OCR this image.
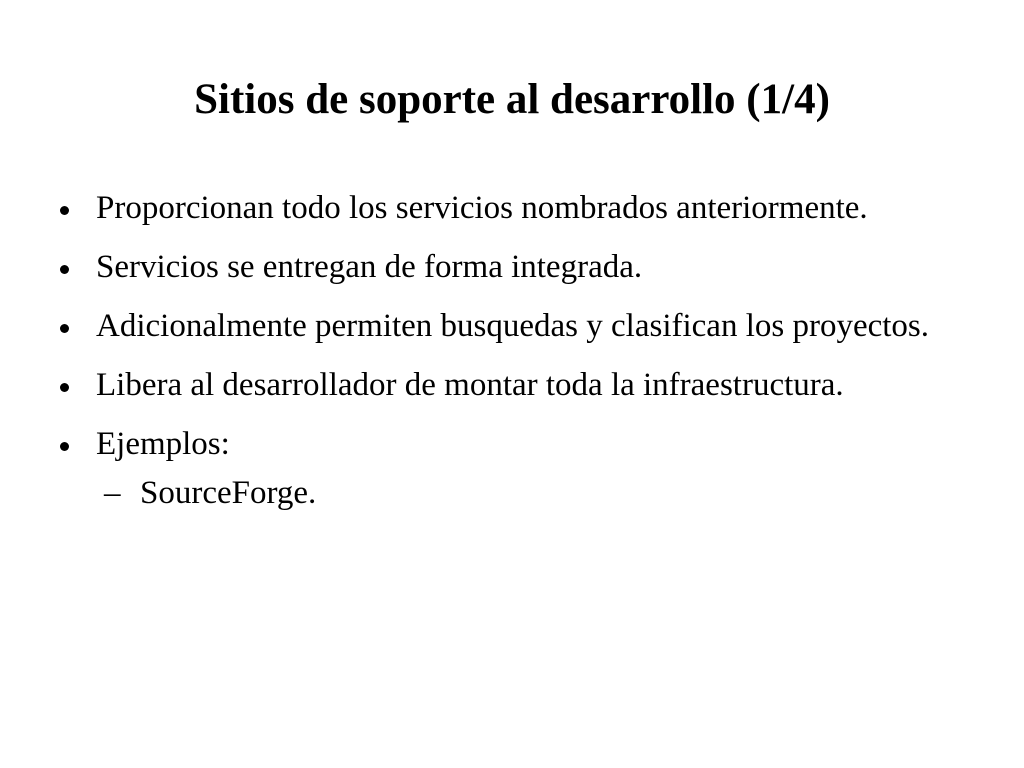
Sitios de soporte al desarrollo (1/4)
Proporcionan todo los servicios nombrados anteriormente.
Servicios se entregan de forma integrada.
Adicionalmente permiten busquedas y clasifican los proyectos.
Libera al desarrollador de montar toda la infraestructura.
Ejemplos:
– SourceForge.
